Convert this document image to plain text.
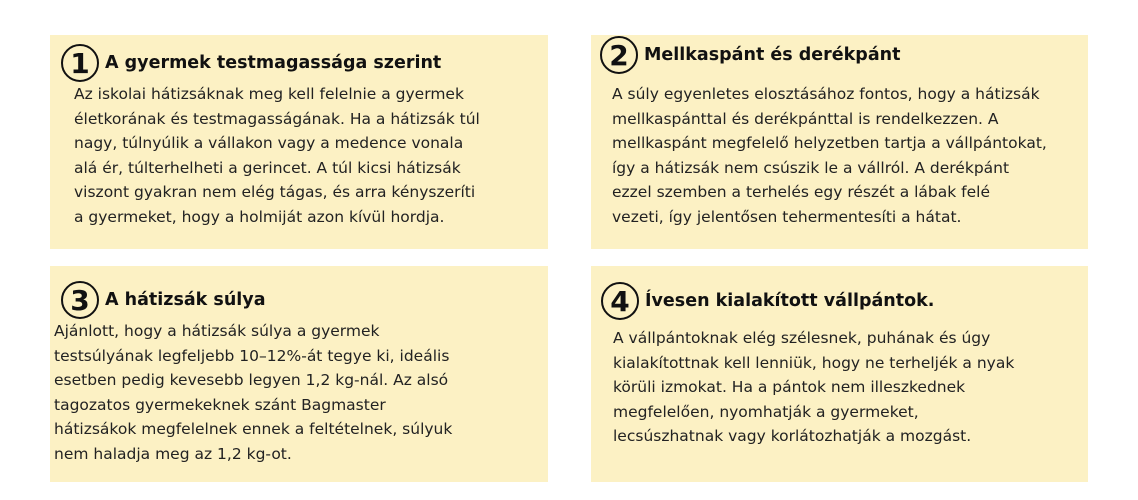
1 A gyermek testmagassága szerint

Az iskolai hátizsáknak meg kell felelnie a gyermek
életkorának és testmagasságának. Ha a hátizsák túl
nagy, túlnyúlik a vállakon vagy a medence vonala
alá ér, túlterhelheti a gerincet. A túl kicsi hátizsák
viszont gyakran nem elég tágas, és arra kényszeríti
a gyermeket, hogy a holmiját azon kívül hordja.

2 Mellkaspánt és derékpánt

A súly egyenletes elosztásához fontos, hogy a hátizsák
mellkaspánttal és derékpánttal is rendelkezzen. A
mellkaspánt megfelelő helyzetben tartja a vállpántokat,
így a hátizsák nem csúszik le a vállról. A derékpánt
ezzel szemben a terhelés egy részét a lábak felé
vezeti, így jelentősen tehermentesíti a hátat.

3 A hátizsák súlya

Ajánlott, hogy a hátizsák súlya a gyermek
testsúlyának legfeljebb 10–12%-át tegye ki, ideális
esetben pedig kevesebb legyen 1,2 kg-nál. Az alsó
tagozatos gyermekeknek szánt Bagmaster
hátizsákok megfelelnek ennek a feltételnek, súlyuk
nem haladja meg az 1,2 kg-ot.

4 Ívesen kialakított vállpántok.

A vállpántoknak elég szélesnek, puhának és úgy
kialakítottnak kell lenniük, hogy ne terheljék a nyak
körüli izmokat. Ha a pántok nem illeszkednek
megfelelően, nyomhatják a gyermeket,
lecsúszhatnak vagy korlátozhatják a mozgást.
